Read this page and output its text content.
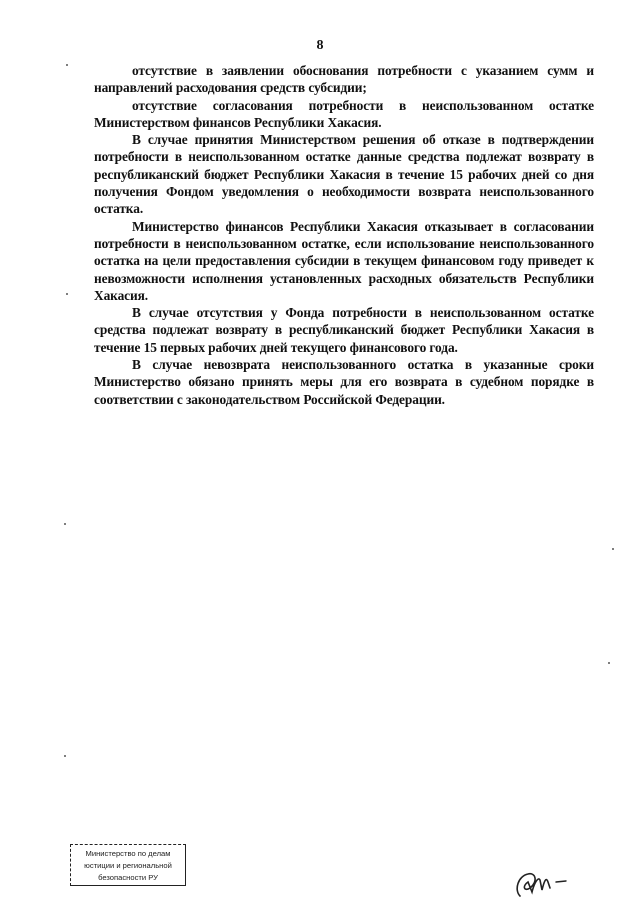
8

отсутствие в заявлении обоснования потребности с указанием сумм и направлений расходования средств субсидии;

отсутствие согласования потребности в неиспользованном остатке Министерством финансов Республики Хакасия.

В случае принятия Министерством решения об отказе в подтверждении потребности в неиспользованном остатке данные средства подлежат возврату в республиканский бюджет Республики Хакасия в течение 15 рабочих дней со дня получения Фондом уведомления о необходимости возврата неиспользованного остатка.

Министерство финансов Республики Хакасия отказывает в согласовании потребности в неиспользованном остатке, если использование неиспользованного остатка на цели предоставления субсидии в текущем финансовом году приведет к невозможности исполнения установленных расходных обязательств Республики Хакасия.

В случае отсутствия у Фонда потребности в неиспользованном остатке средства подлежат возврату в республиканский бюджет Республики Хакасия в течение 15 первых рабочих дней текущего финансового года.

В случае невозврата неиспользованного остатка в указанные сроки Министерство обязано принять меры для его возврата в судебном порядке в соответствии с законодательством Российской Федерации.

Министерство по делам
юстиции и региональной
безопасности РУ
